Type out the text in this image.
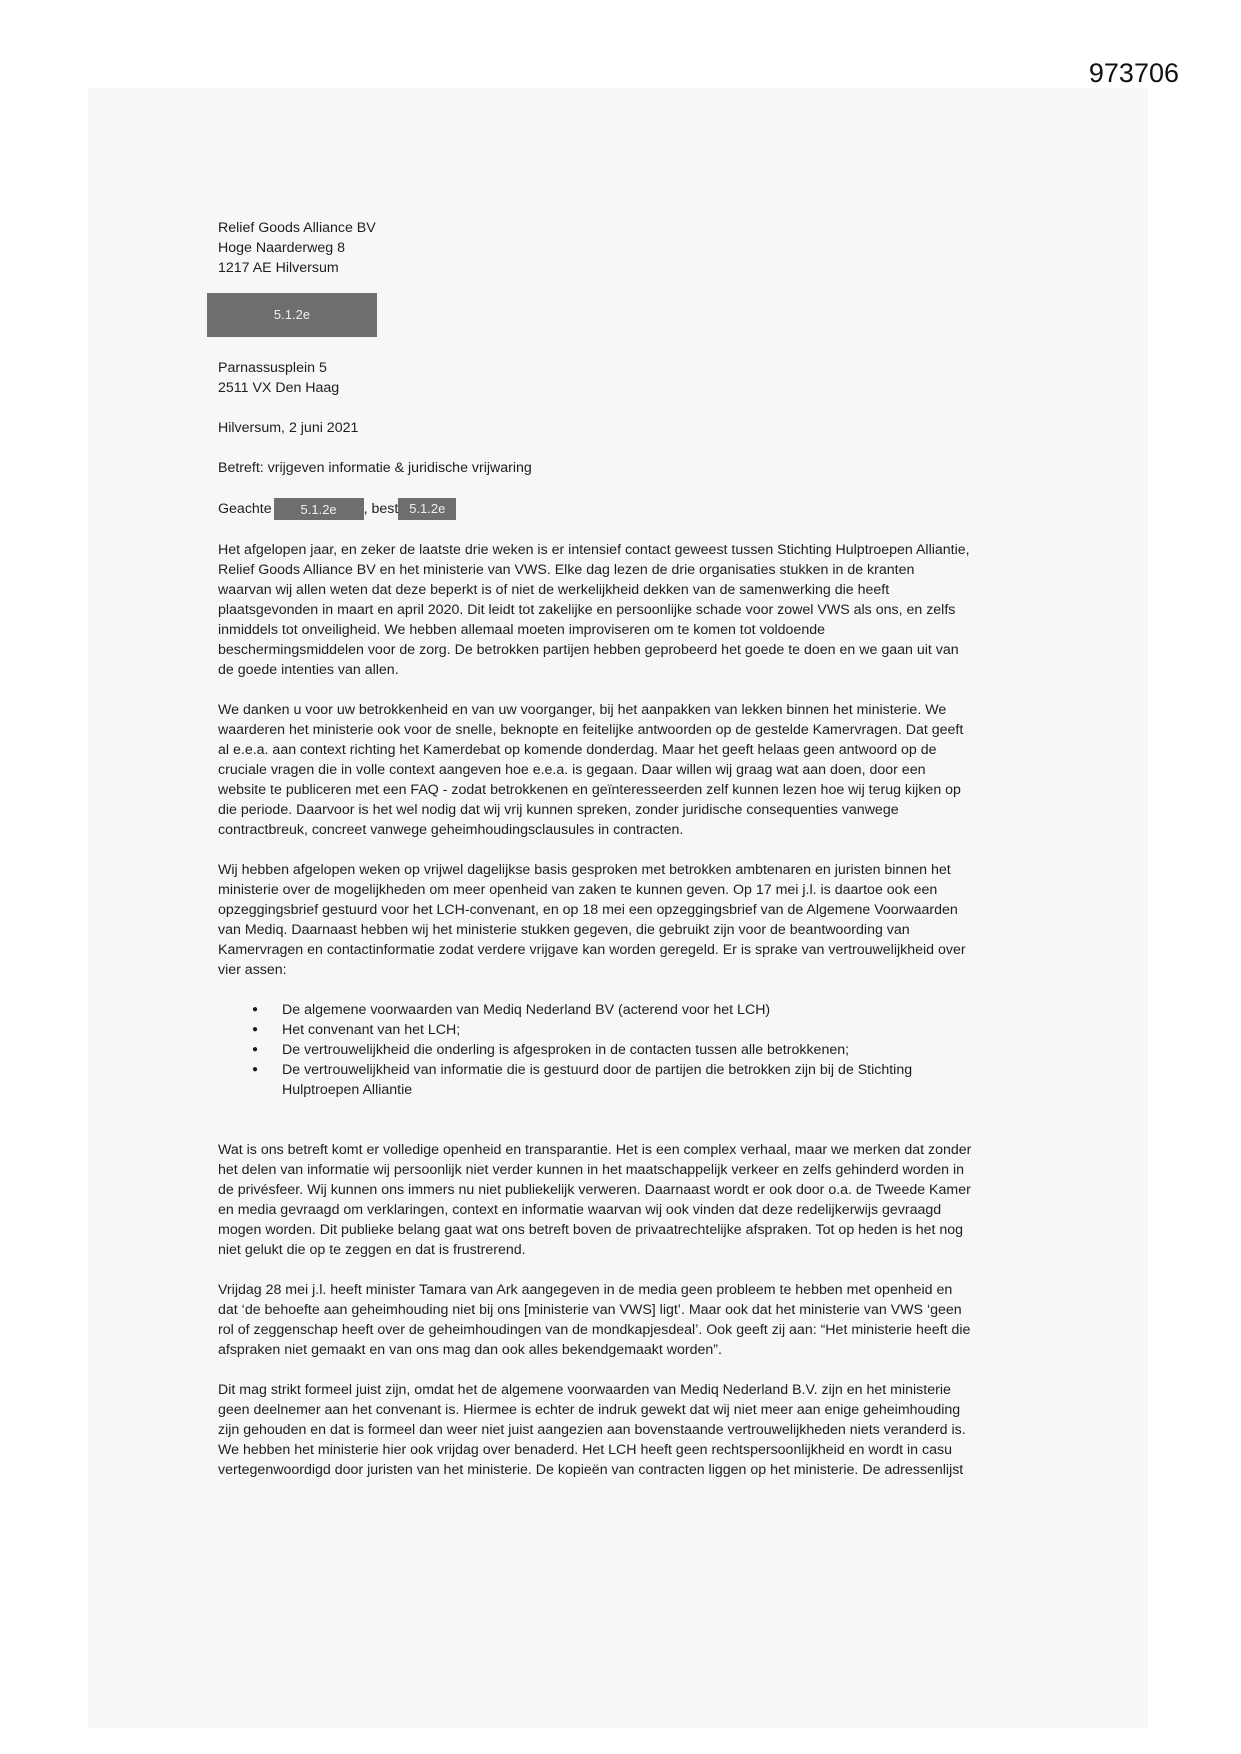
973706
5.1.2e
Relief Goods Alliance BV
Hoge Naarderweg 8
1217 AE Hilversum
Parnassusplein 5
2511 VX Den Haag
Hilversum, 2 juni 2021
Betreft: vrijgeven informatie & juridische vrijwaring
Geachte 5.1.2e , best 5.1.2e
Het afgelopen jaar, en zeker de laatste drie weken is er intensief contact geweest tussen Stichting Hulptroepen Alliantie,
Relief Goods Alliance BV en het ministerie van VWS. Elke dag lezen de drie organisaties stukken in de kranten
waarvan wij allen weten dat deze beperkt is of niet de werkelijkheid dekken van de samenwerking die heeft
plaatsgevonden in maart en april 2020. Dit leidt tot zakelijke en persoonlijke schade voor zowel VWS als ons, en zelfs
inmiddels tot onveiligheid. We hebben allemaal moeten improviseren om te komen tot voldoende
beschermingsmiddelen voor de zorg. De betrokken partijen hebben geprobeerd het goede te doen en we gaan uit van
de goede intenties van allen.
We danken u voor uw betrokkenheid en van uw voorganger, bij het aanpakken van lekken binnen het ministerie. We
waarderen het ministerie ook voor de snelle, beknopte en feitelijke antwoorden op de gestelde Kamervragen. Dat geeft
al e.e.a. aan context richting het Kamerdebat op komende donderdag. Maar het geeft helaas geen antwoord op de
cruciale vragen die in volle context aangeven hoe e.e.a. is gegaan. Daar willen wij graag wat aan doen, door een
website te publiceren met een FAQ - zodat betrokkenen en geïnteresseerden zelf kunnen lezen hoe wij terug kijken op
die periode. Daarvoor is het wel nodig dat wij vrij kunnen spreken, zonder juridische consequenties vanwege
contractbreuk, concreet vanwege geheimhoudingsclausules in contracten.
Wij hebben afgelopen weken op vrijwel dagelijkse basis gesproken met betrokken ambtenaren en juristen binnen het
ministerie over de mogelijkheden om meer openheid van zaken te kunnen geven. Op 17 mei j.l. is daartoe ook een
opzeggingsbrief gestuurd voor het LCH-convenant, en op 18 mei een opzeggingsbrief van de Algemene Voorwaarden
van Mediq. Daarnaast hebben wij het ministerie stukken gegeven, die gebruikt zijn voor de beantwoording van
Kamervragen en contactinformatie zodat verdere vrijgave kan worden geregeld. Er is sprake van vertrouwelijkheid over
vier assen:
● De algemene voorwaarden van Mediq Nederland BV (acterend voor het LCH)
● Het convenant van het LCH;
● De vertrouwelijkheid die onderling is afgesproken in de contacten tussen alle betrokkenen;
● De vertrouwelijkheid van informatie die is gestuurd door de partijen die betrokken zijn bij de Stichting
Hulptroepen Alliantie
Wat is ons betreft komt er volledige openheid en transparantie. Het is een complex verhaal, maar we merken dat zonder
het delen van informatie wij persoonlijk niet verder kunnen in het maatschappelijk verkeer en zelfs gehinderd worden in
de privésfeer. Wij kunnen ons immers nu niet publiekelijk verweren. Daarnaast wordt er ook door o.a. de Tweede Kamer
en media gevraagd om verklaringen, context en informatie waarvan wij ook vinden dat deze redelijkerwijs gevraagd
mogen worden. Dit publieke belang gaat wat ons betreft boven de privaatrechtelijke afspraken. Tot op heden is het nog
niet gelukt die op te zeggen en dat is frustrerend.
Vrijdag 28 mei j.l. heeft minister Tamara van Ark aangegeven in de media geen probleem te hebben met openheid en
dat ‘de behoefte aan geheimhouding niet bij ons [ministerie van VWS] ligt’. Maar ook dat het ministerie van VWS ‘geen
rol of zeggenschap heeft over de geheimhoudingen van de mondkapjesdeal’. Ook geeft zij aan: “Het ministerie heeft die
afspraken niet gemaakt en van ons mag dan ook alles bekendgemaakt worden”.
Dit mag strikt formeel juist zijn, omdat het de algemene voorwaarden van Mediq Nederland B.V. zijn en het ministerie
geen deelnemer aan het convenant is. Hiermee is echter de indruk gewekt dat wij niet meer aan enige geheimhouding
zijn gehouden en dat is formeel dan weer niet juist aangezien aan bovenstaande vertrouwelijkheden niets veranderd is.
We hebben het ministerie hier ook vrijdag over benaderd. Het LCH heeft geen rechtspersoonlijkheid en wordt in casu
vertegenwoordigd door juristen van het ministerie. De kopieën van contracten liggen op het ministerie. De adressenlijst
